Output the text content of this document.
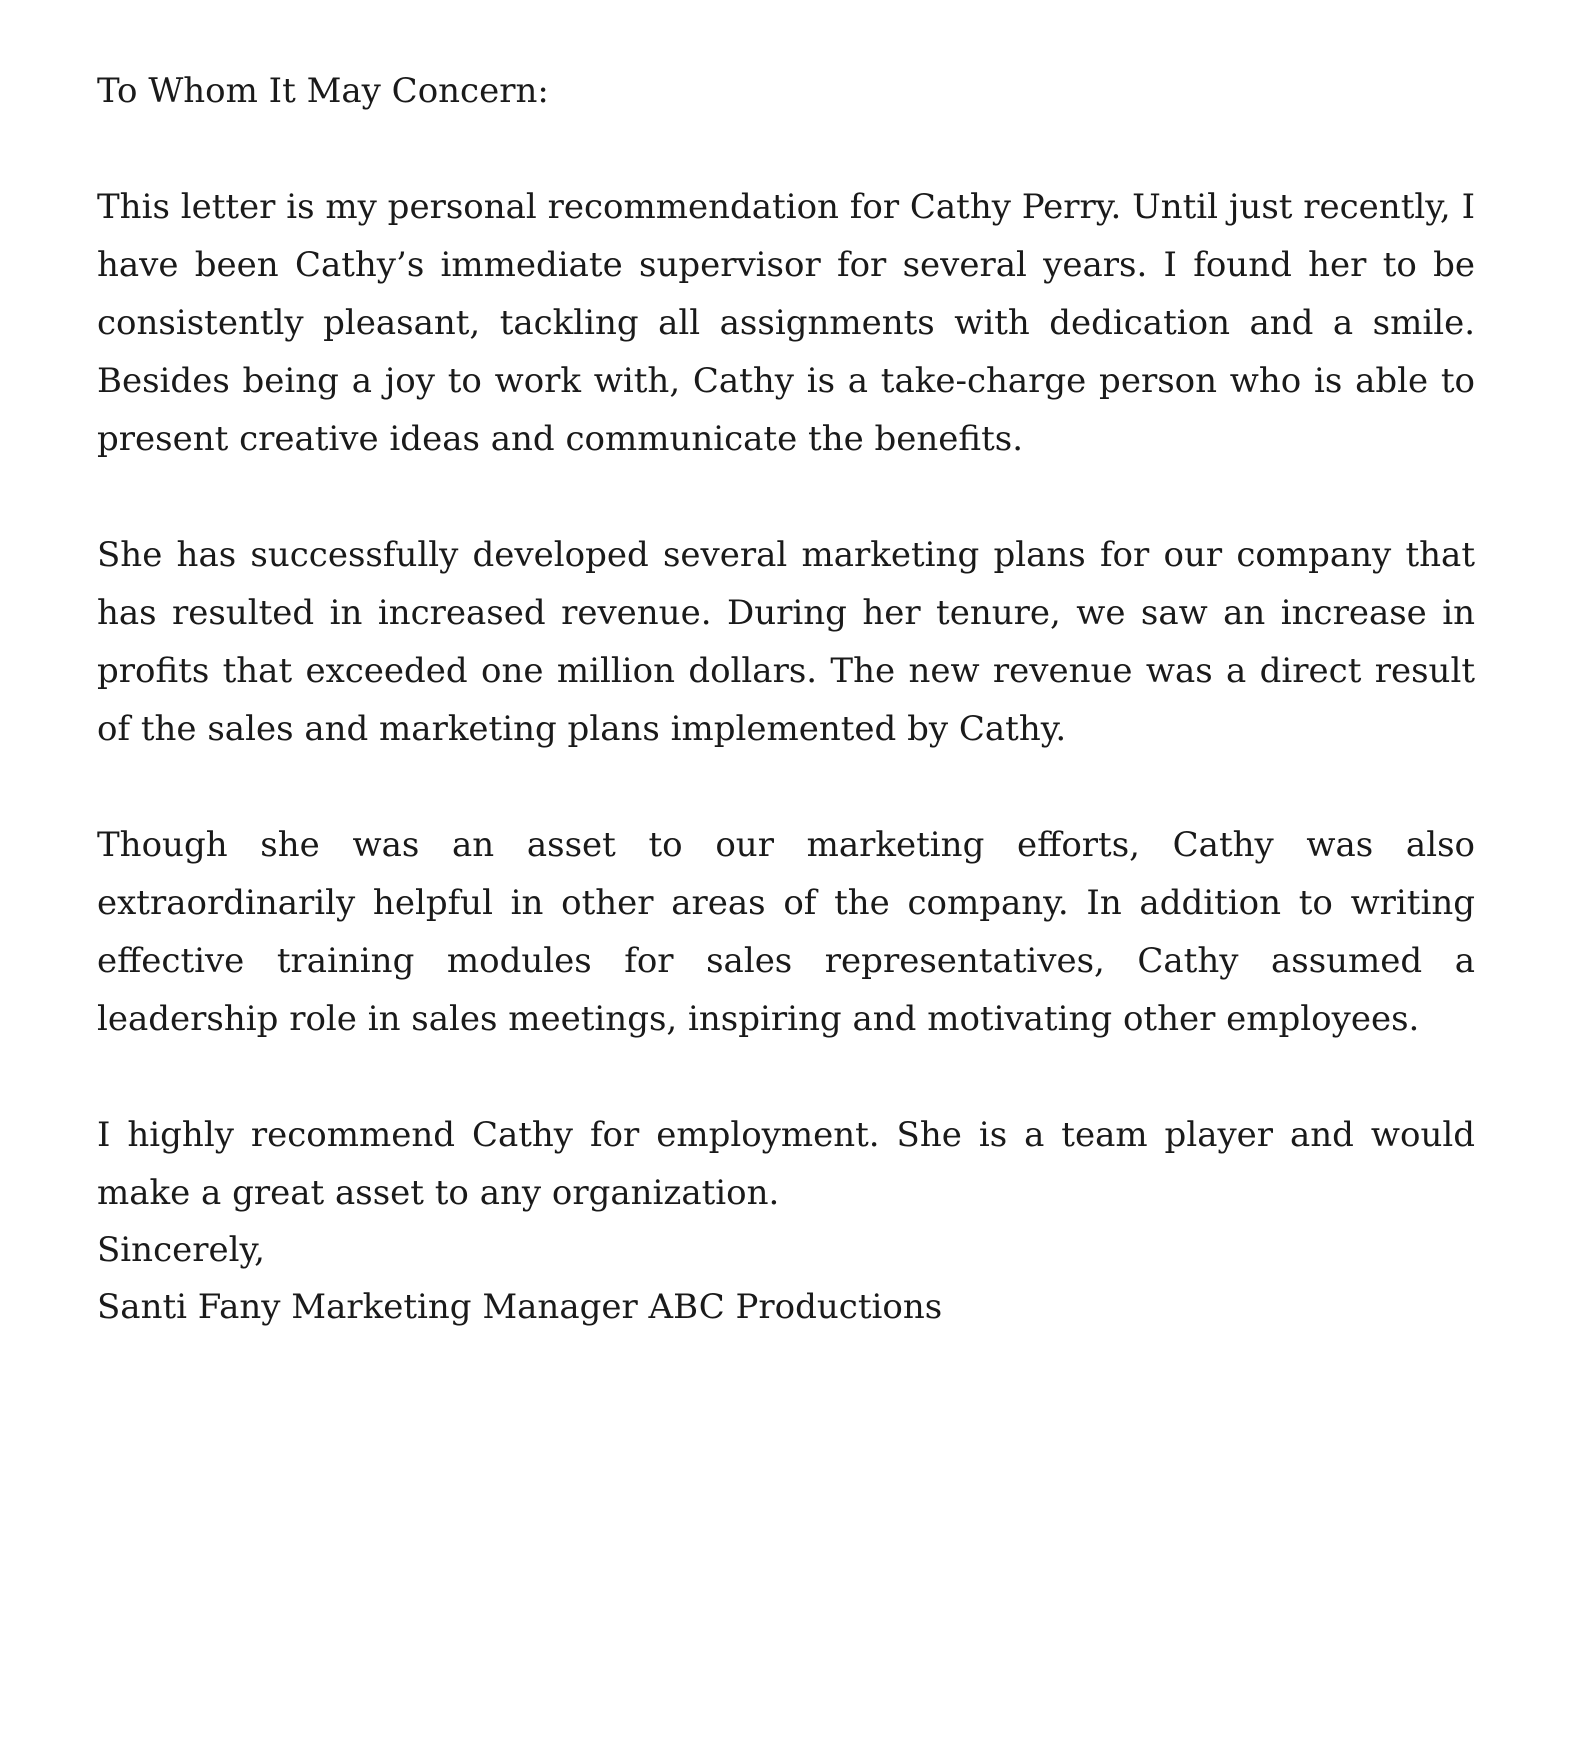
To Whom It May Concern:

This letter is my personal recommendation for Cathy Perry. Until just recently, I have been Cathy’s immediate supervisor for several years. I found her to be consistently pleasant, tackling all assignments with dedication and a smile. Besides being a joy to work with, Cathy is a take-charge person who is able to present creative ideas and communicate the benefits.

She has successfully developed several marketing plans for our company that has resulted in increased revenue. During her tenure, we saw an increase in profits that exceeded one million dollars. The new revenue was a direct result of the sales and marketing plans implemented by Cathy.

Though she was an asset to our marketing efforts, Cathy was also extraordinarily helpful in other areas of the company. In addition to writing effective training modules for sales representatives, Cathy assumed a leadership role in sales meetings, inspiring and motivating other employees.

I highly recommend Cathy for employment. She is a team player and would make a great asset to any organization.

Sincerely,

Santi Fany Marketing Manager ABC Productions
